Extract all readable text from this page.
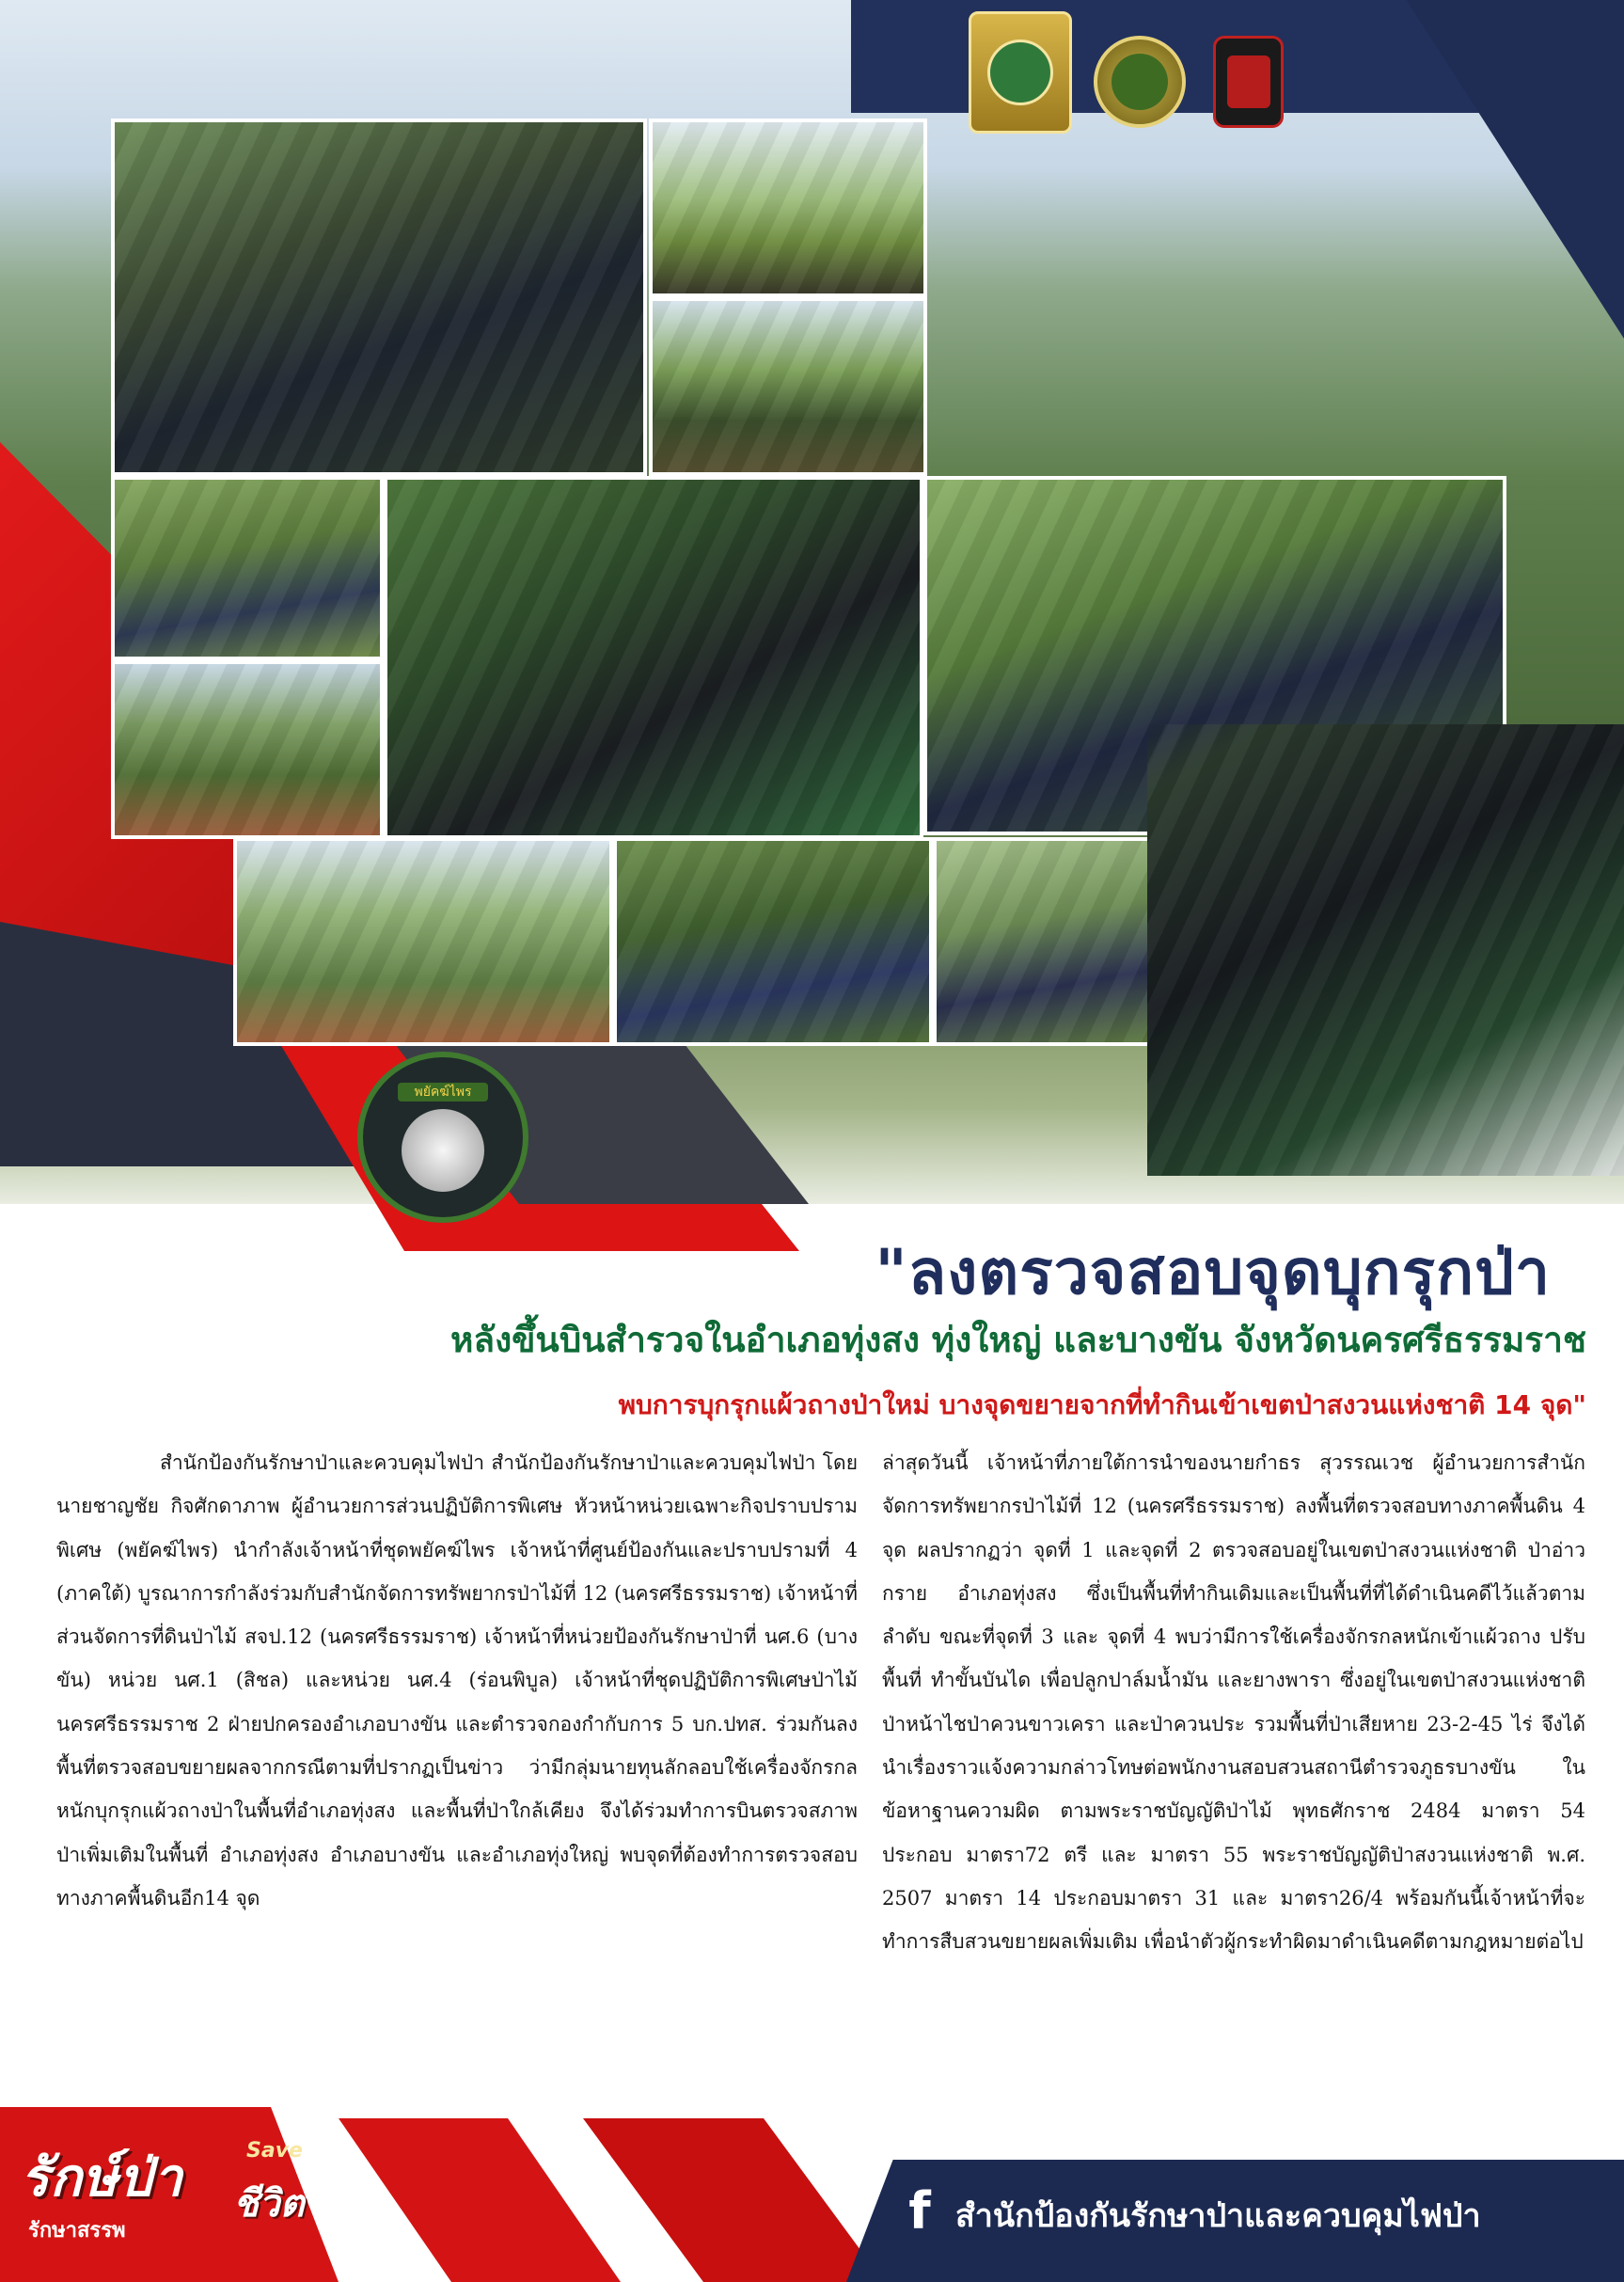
พยัคฆ์ไพร
"ลงตรวจสอบจุดบุกรุกป่า
หลังขึ้นบินสำรวจในอำเภอทุ่งสง ทุ่งใหญ่ และบางขัน จังหวัดนครศรีธรรมราช
พบการบุกรุกแผ้วถางป่าใหม่ บางจุดขยายจากที่ทำกินเข้าเขตป่าสงวนแห่งชาติ 14 จุด"
สำนักป้องกันรักษาป่าและควบคุมไฟป่า สำนักป้องกันรักษาป่าและควบคุมไฟป่า โดยนายชาญชัย กิจศักดาภาพ ผู้อำนวยการส่วนปฏิบัติการพิเศษ หัวหน้าหน่วยเฉพาะกิจปราบปรามพิเศษ (พยัคฆ์ไพร) นำกำลังเจ้าหน้าที่ชุดพยัคฆ์ไพร เจ้าหน้าที่ศูนย์ป้องกันและปราบปรามที่ 4 (ภาคใต้) บูรณาการกำลังร่วมกับสำนักจัดการทรัพยากรป่าไม้ที่ 12 (นครศรีธรรมราช) เจ้าหน้าที่ส่วนจัดการที่ดินป่าไม้ สจป.12 (นครศรีธรรมราช) เจ้าหน้าที่หน่วยป้องกันรักษาป่าที่ นศ.6 (บางขัน) หน่วย นศ.1 (สิชล) และหน่วย นศ.4 (ร่อนพิบูล) เจ้าหน้าที่ชุดปฏิบัติการพิเศษป่าไม้นครศรีธรรมราช 2 ฝ่ายปกครองอำเภอบางขัน และตำรวจกองกำกับการ 5 บก.ปทส. ร่วมกันลงพื้นที่ตรวจสอบขยายผลจากกรณีตามที่ปรากฏเป็นข่าว ว่ามีกลุ่มนายทุนลักลอบใช้เครื่องจักรกลหนักบุกรุกแผ้วถางป่าในพื้นที่อำเภอทุ่งสง และพื้นที่ป่าใกล้เคียง จึงได้ร่วมทำการบินตรวจสภาพป่าเพิ่มเติมในพื้นที่ อำเภอทุ่งสง อำเภอบางขัน และอำเภอทุ่งใหญ่ พบจุดที่ต้องทำการตรวจสอบทางภาคพื้นดินอีก14 จุด
ล่าสุดวันนี้ เจ้าหน้าที่ภายใต้การนำของนายกำธร สุวรรณเวช ผู้อำนวยการสำนักจัดการทรัพยากรป่าไม้ที่ 12 (นครศรีธรรมราช) ลงพื้นที่ตรวจสอบทางภาคพื้นดิน 4 จุด ผลปรากฏว่า จุดที่ 1 และจุดที่ 2 ตรวจสอบอยู่ในเขตป่าสงวนแห่งชาติ ป่าอ่าวกราย อำเภอทุ่งสง ซึ่งเป็นพื้นที่ทำกินเดิมและเป็นพื้นที่ที่ได้ดำเนินคดีไว้แล้วตามลำดับ ขณะที่จุดที่ 3 และ จุดที่ 4 พบว่ามีการใช้เครื่องจักรกลหนักเข้าแผ้วถาง ปรับพื้นที่ ทำขั้นบันได เพื่อปลูกปาล์มน้ำมัน และยางพารา ซึ่งอยู่ในเขตป่าสงวนแห่งชาติ ป่าหน้าไชป่าควนขาวเครา และป่าควนประ รวมพื้นที่ป่าเสียหาย 23-2-45 ไร่ จึงได้นำเรื่องราวแจ้งความกล่าวโทษต่อพนักงานสอบสวนสถานีตำรวจภูธรบางขัน ในข้อหาฐานความผิด ตามพระราชบัญญัติป่าไม้ พุทธศักราช 2484 มาตรา 54 ประกอบ มาตรา72 ตรี และ มาตรา 55 พระราชบัญญัติป่าสงวนแห่งชาติ พ.ศ. 2507 มาตรา 14 ประกอบมาตรา 31 และ มาตรา26/4 พร้อมกันนี้เจ้าหน้าที่จะทำการสืบสวนขยายผลเพิ่มเติม เพื่อนำตัวผู้กระทำผิดมาดำเนินคดีตามกฎหมายต่อไป
รักษ์ป่า
รักษาสรรพ
Save
ชีวิต	f สำนักป้องกันรักษาป่าและควบคุมไฟป่า
